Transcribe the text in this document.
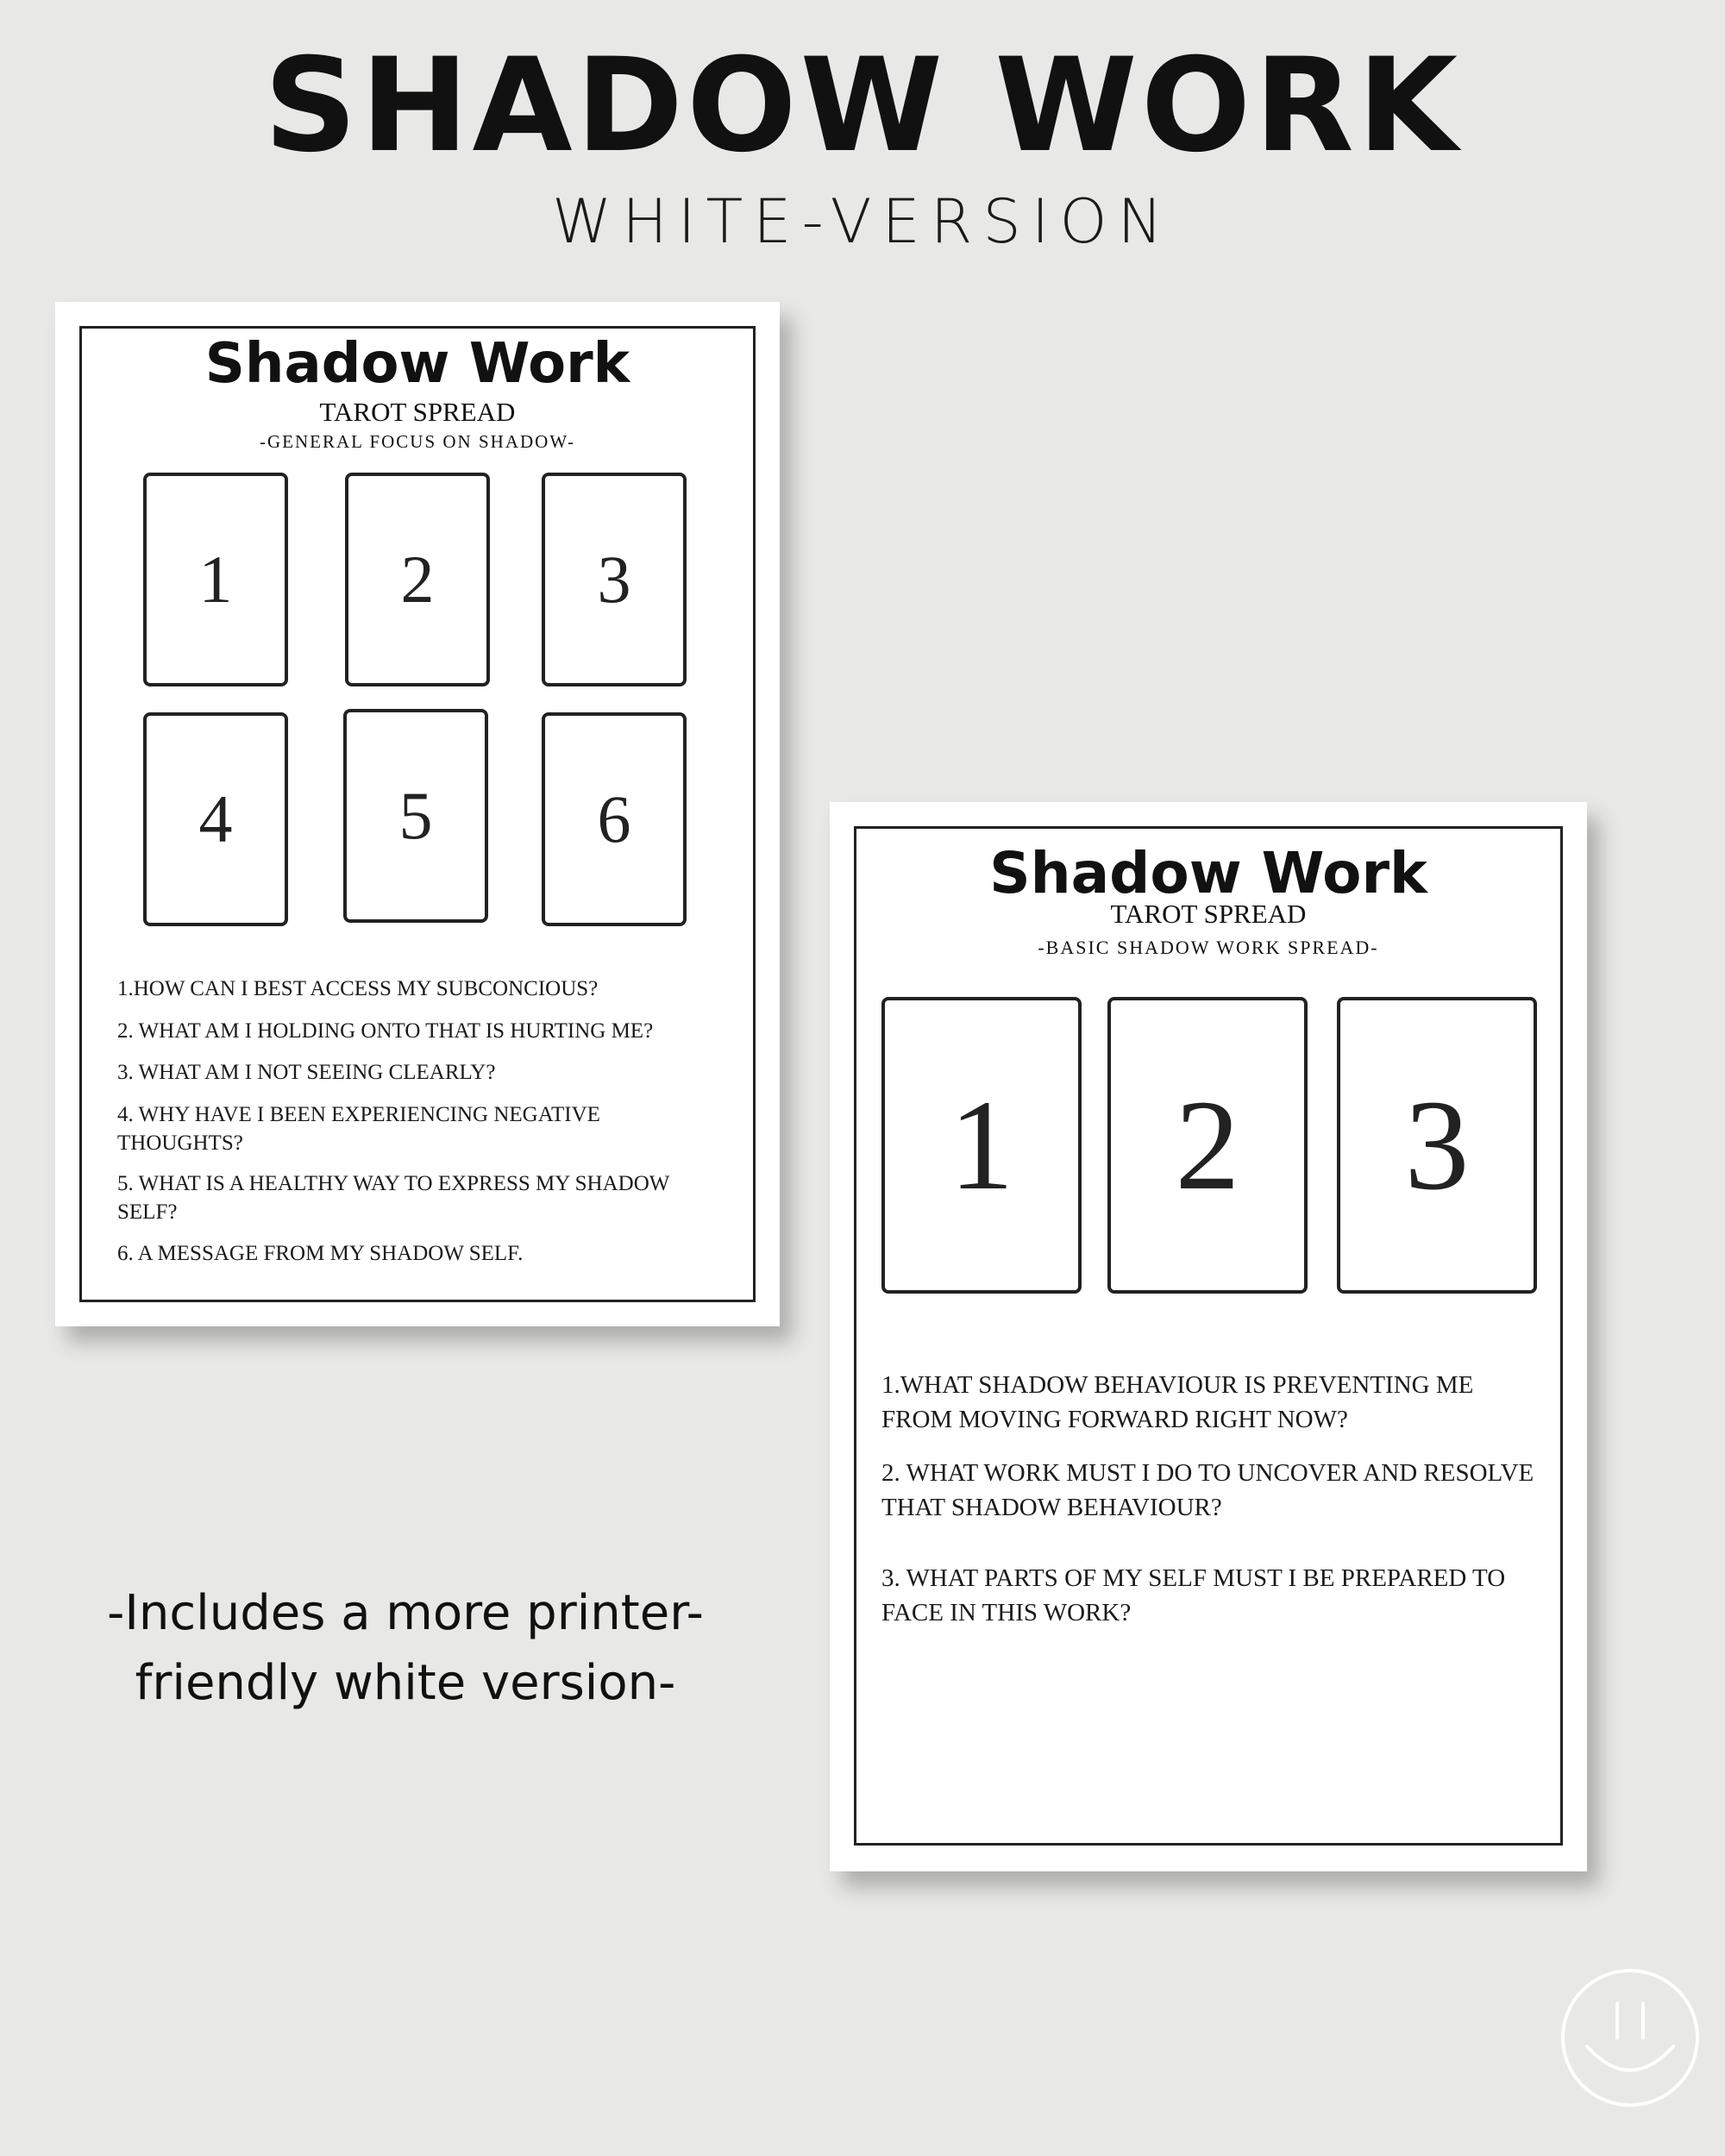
SHADOW WORK
WHITE-VERSION
Shadow Work
TAROT SPREAD
-GENERAL FOCUS ON SHADOW-
1	2	3
4	5	6
1.HOW CAN I BEST ACCESS MY SUBCONCIOUS?
2. WHAT AM I HOLDING ONTO THAT IS HURTING ME?
3. WHAT AM I NOT SEEING CLEARLY?
4. WHY HAVE I BEEN EXPERIENCING NEGATIVE THOUGHTS?
5. WHAT IS A HEALTHY WAY TO EXPRESS MY SHADOW SELF?
6. A MESSAGE FROM MY SHADOW SELF.
Shadow Work
TAROT SPREAD
-BASIC SHADOW WORK SPREAD-
1	2	3
1.WHAT SHADOW BEHAVIOUR IS PREVENTING ME FROM MOVING FORWARD RIGHT NOW?
2. WHAT WORK MUST I DO TO UNCOVER AND RESOLVE THAT SHADOW BEHAVIOUR?
3. WHAT PARTS OF MY SELF MUST I BE PREPARED TO FACE IN THIS WORK?
-Includes a more printer-friendly white version-
